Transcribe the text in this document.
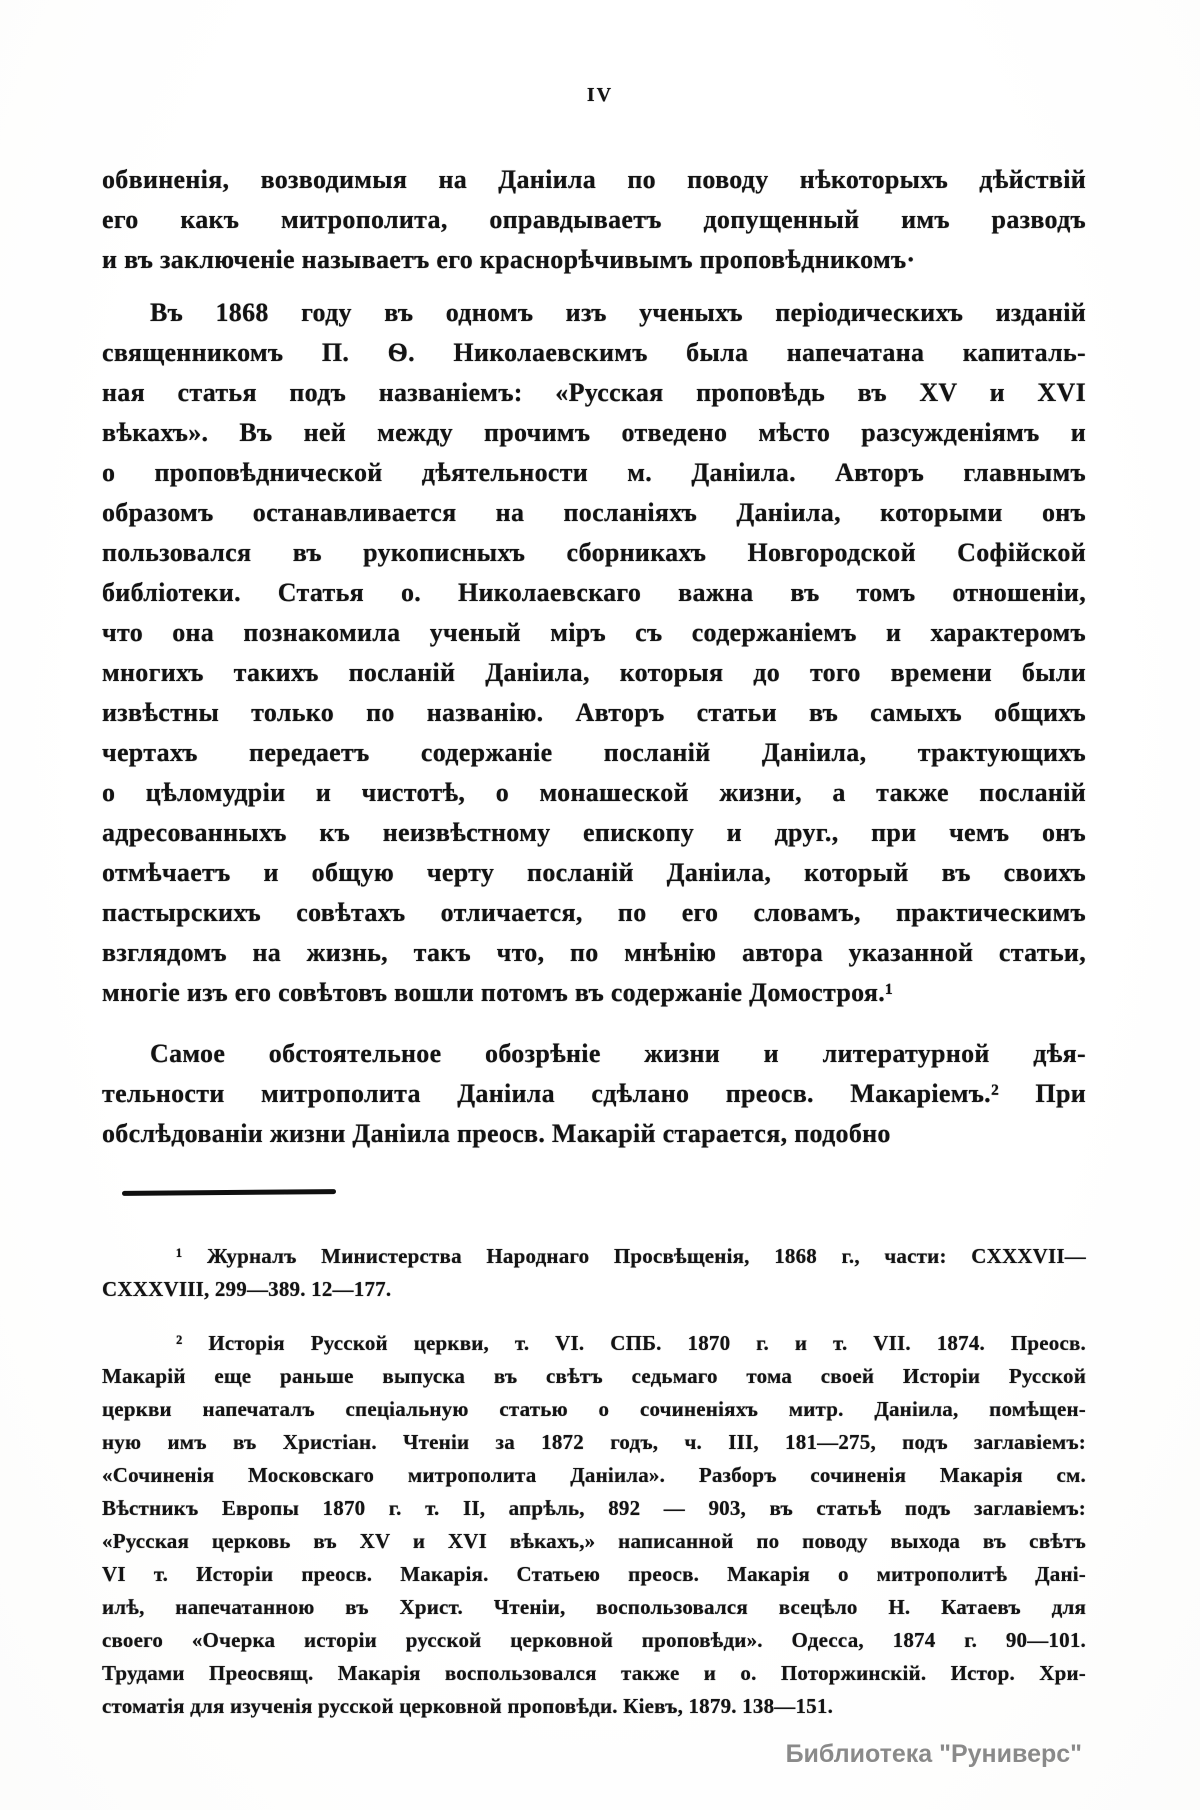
IV
обвиненія, возводимыя на Даніила по поводу нѣкоторыхъ дѣйствій
его какъ митрополита, оправдываетъ допущенный имъ разводъ
и въ заключеніе называетъ его краснорѣчивымъ проповѣдникомъ·
Въ 1868 году въ одномъ изъ ученыхъ періодическихъ изданій
священникомъ П. Ѳ. Николаевскимъ была напечатана капиталь-
ная статья подъ названіемъ: «Русская проповѣдь въ XV и XVI
вѣкахъ». Въ ней между прочимъ отведено мѣсто разсужденіямъ и
о проповѣднической дѣятельности м. Даніила. Авторъ главнымъ
образомъ останавливается на посланіяхъ Даніила, которыми онъ
пользовался въ рукописныхъ сборникахъ Новгородской Софійской
библіотеки. Статья о. Николаевскаго важна въ томъ отношеніи,
что она познакомила ученый міръ съ содержаніемъ и характеромъ
многихъ такихъ посланій Даніила, которыя до того времени были
извѣстны только по названію. Авторъ статьи въ самыхъ общихъ
чертахъ передаетъ содержаніе посланій Даніила, трактующихъ
о цѣломудріи и чистотѣ, о монашеской жизни, а также посланій
адресованныхъ къ неизвѣстному епископу и друг., при чемъ онъ
отмѣчаетъ и общую черту посланій Даніила, который въ своихъ
пастырскихъ совѣтахъ отличается, по его словамъ, практическимъ
взглядомъ на жизнь, такъ что, по мнѣнію автора указанной статьи,
многіе изъ его совѣтовъ вошли потомъ въ содержаніе Домостроя.¹
Самое обстоятельное обозрѣніе жизни и литературной дѣя-
тельности митрополита Даніила сдѣлано преосв. Макаріемъ.² При
обслѣдованіи жизни Даніила преосв. Макарій старается, подобно
¹ Журналъ Министерства Народнаго Просвѣщенія, 1868 г., части: CXXXVII—
CXXXVIII, 299—389. 12—177.
² Исторія Русской церкви, т. VI. СПБ. 1870 г. и т. VII. 1874. Преосв.
Макарій еще раньше выпуска въ свѣтъ седьмаго тома своей Исторіи Русской
церкви напечаталъ спеціальную статью о сочиненіяхъ митр. Даніила, помѣщен-
ную имъ въ Христіан. Чтеніи за 1872 годъ, ч. III, 181—275, подъ заглавіемъ:
«Сочиненія Московскаго митрополита Даніила». Разборъ сочиненія Макарія см.
Вѣстникъ Европы 1870 г. т. II, апрѣль, 892 — 903, въ статьѣ подъ заглавіемъ:
«Русская церковь въ XV и XVI вѣкахъ,» написанной по поводу выхода въ свѣтъ
VI т. Исторіи преосв. Макарія. Статьею преосв. Макарія о митрополитѣ Дані-
илѣ, напечатанною въ Христ. Чтеніи, воспользовался всецѣло Н. Катаевъ для
своего «Очерка исторіи русской церковной проповѣди». Одесса, 1874 г. 90—101.
Трудами Преосвящ. Макарія воспользовался также и о. Поторжинскій. Истор. Хри-
стоматія для изученія русской церковной проповѣди. Кіевъ, 1879. 138—151.
Библиотека "Руниверс"
